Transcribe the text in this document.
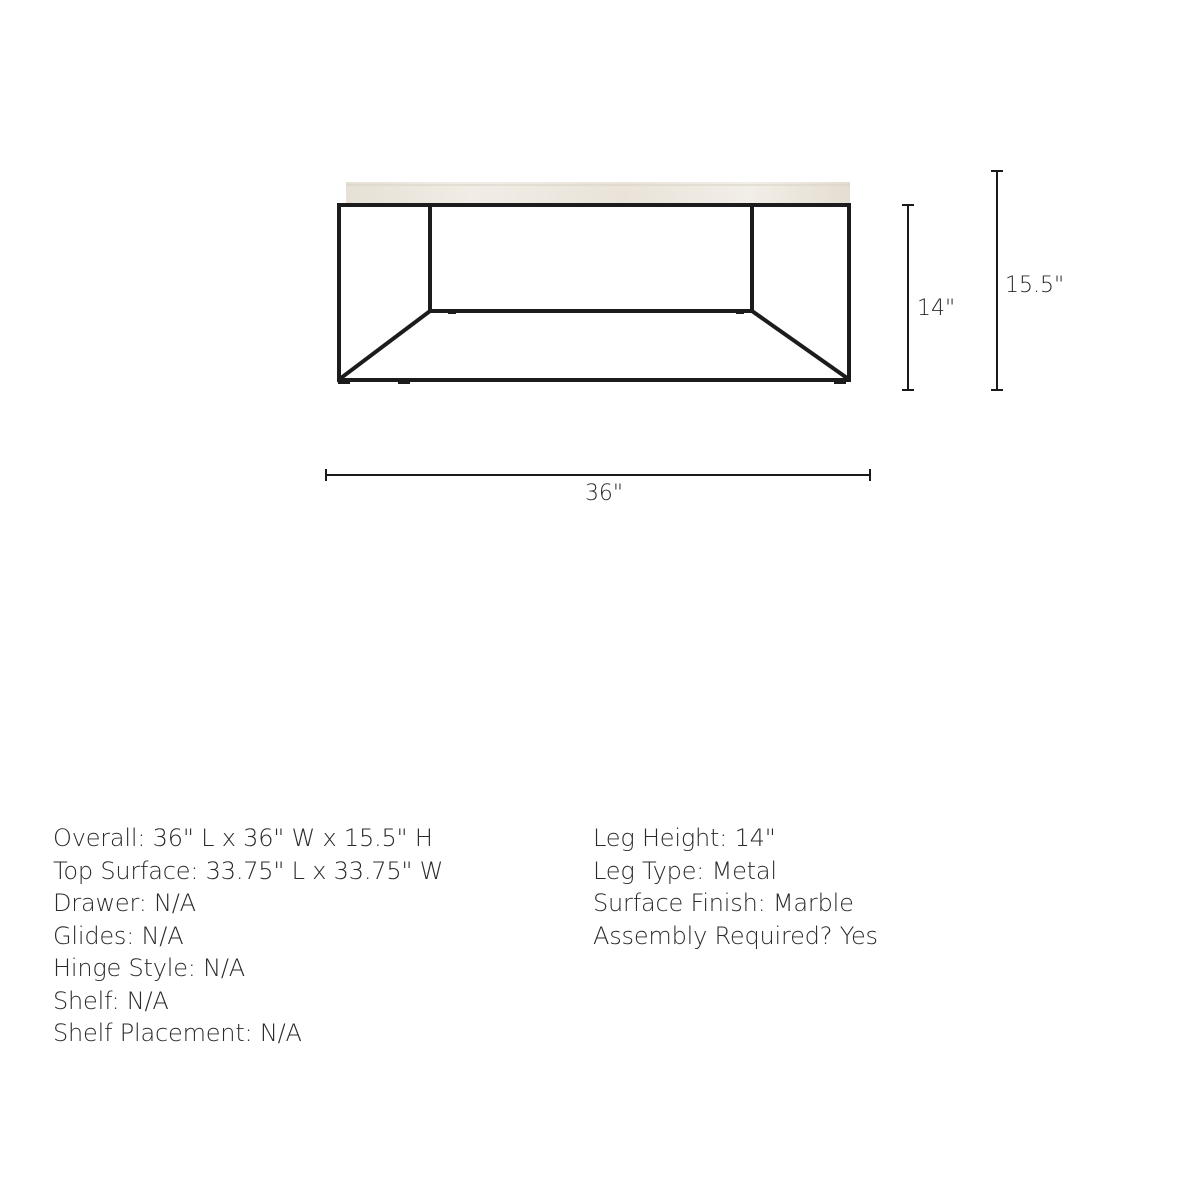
36"
14"
15.5"
Overall: 36" L x 36" W x 15.5" H
Top Surface: 33.75" L x 33.75" W
Drawer: N/A
Glides: N/A
Hinge Style: N/A
Shelf: N/A
Shelf Placement: N/A
Leg Height: 14"
Leg Type: Metal
Surface Finish: Marble
Assembly Required? Yes
